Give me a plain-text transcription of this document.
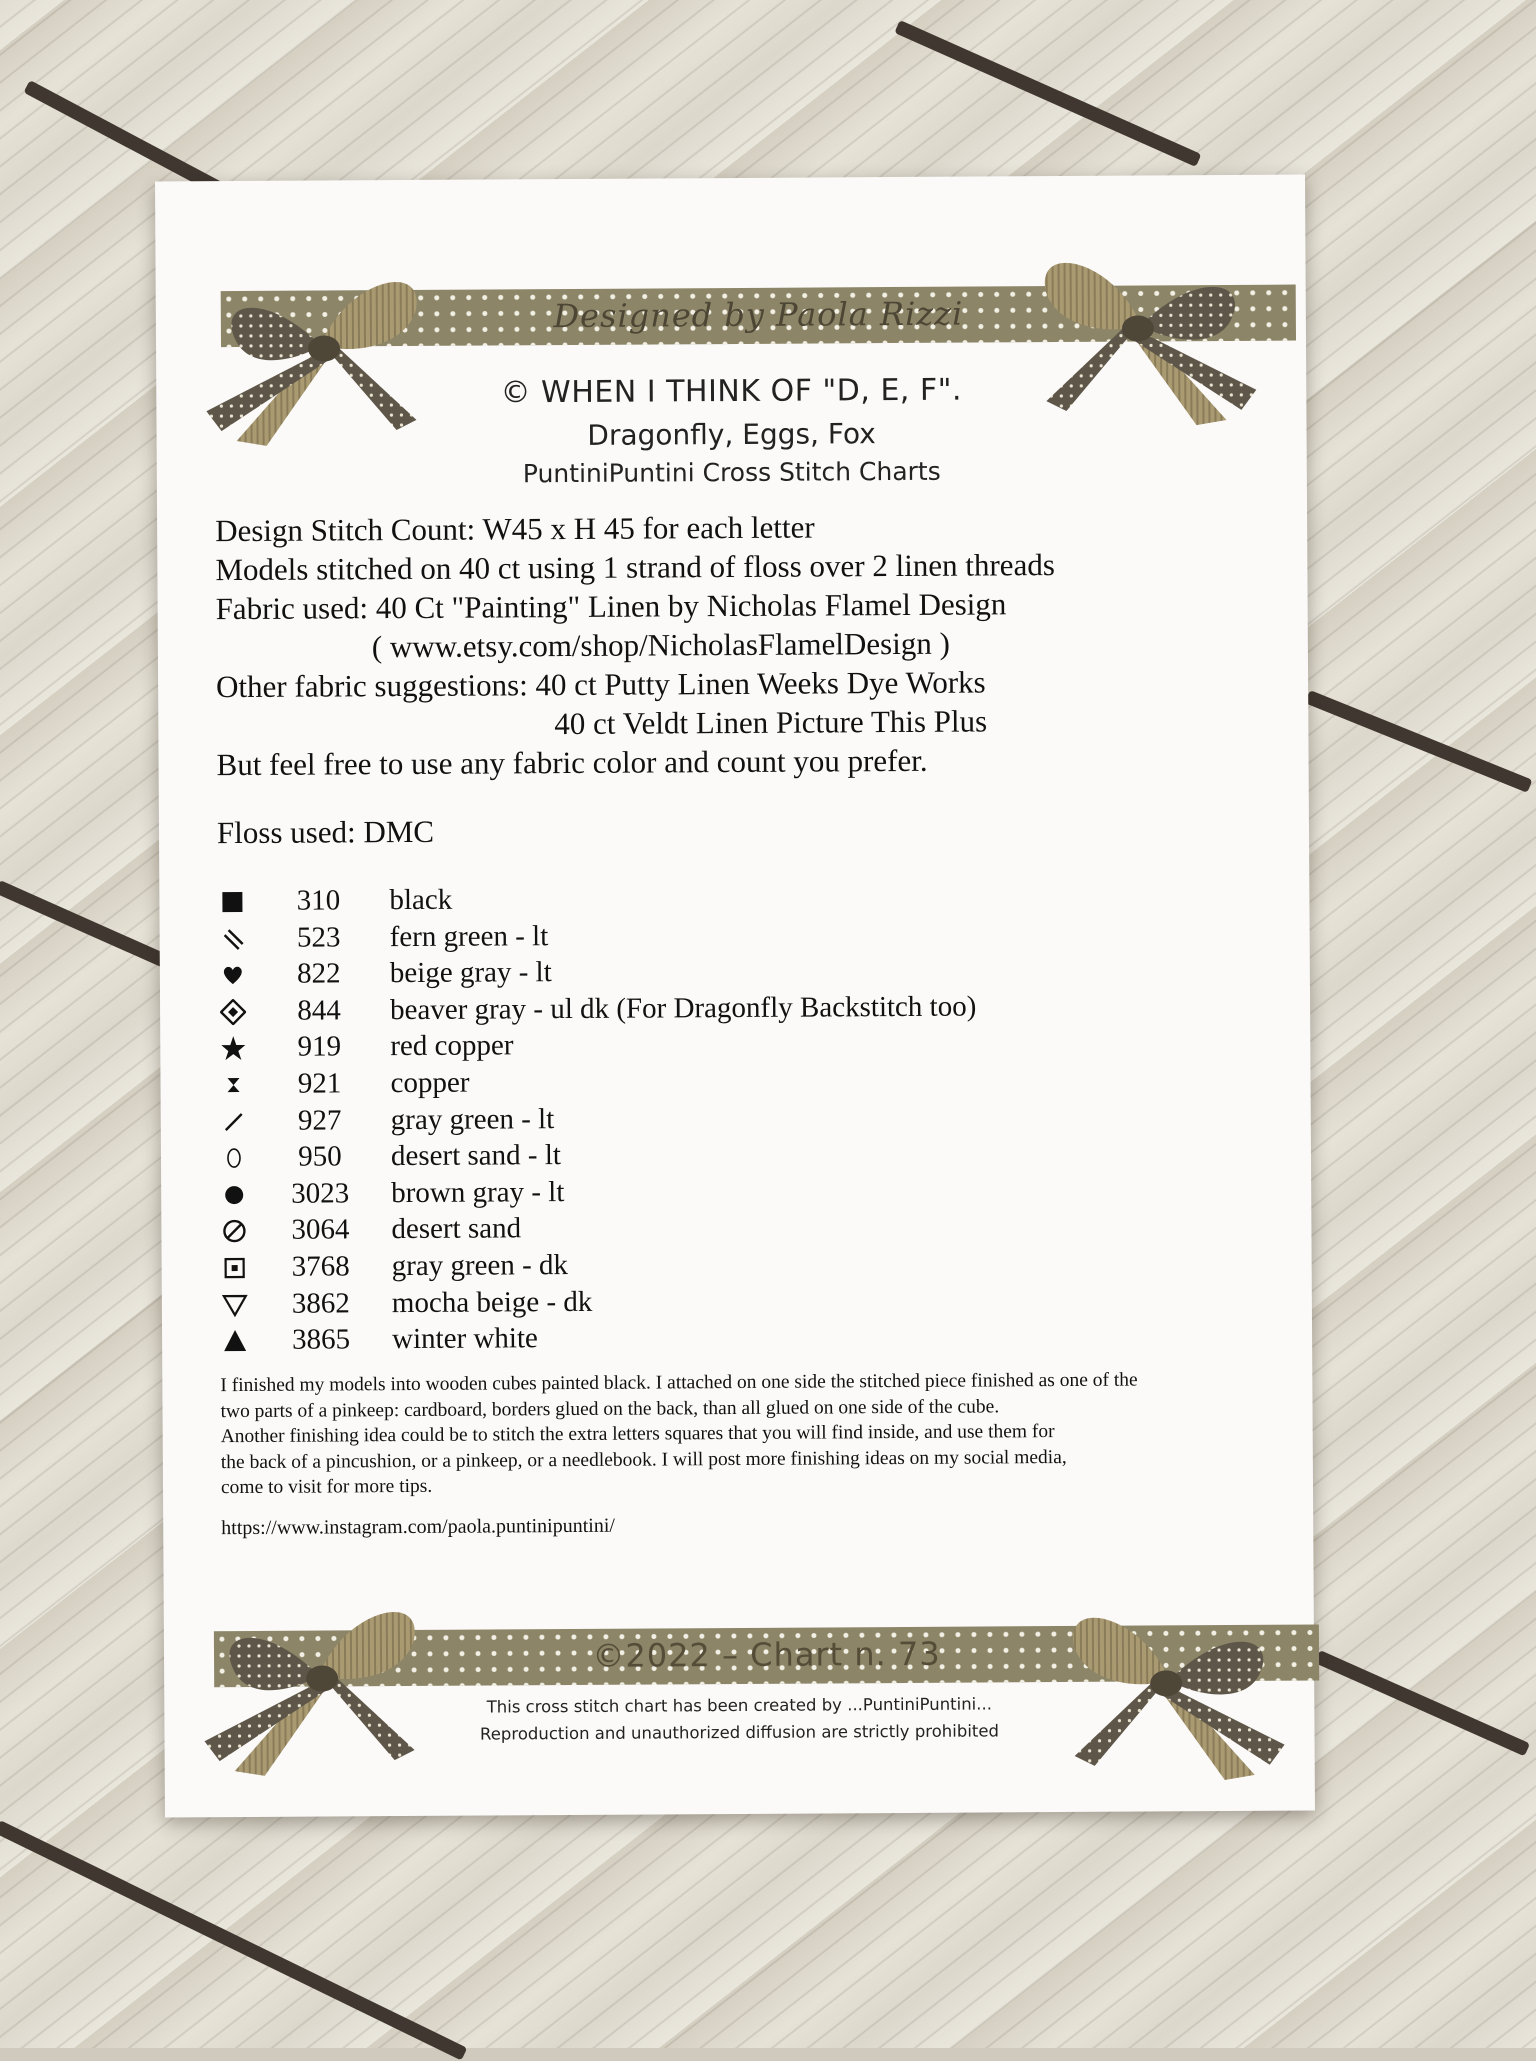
Designed by Paola Rizzi
© WHEN I THINK OF "D, E, F".
Dragonfly, Eggs, Fox
PuntiniPuntini Cross Stitch Charts
Design Stitch Count: W45 x H 45 for each letter
Models stitched on 40 ct using 1 strand of floss over 2 linen threads
Fabric used: 40 Ct "Painting" Linen by Nicholas Flamel Design
( www.etsy.com/shop/NicholasFlamelDesign )
Other fabric suggestions: 40 ct Putty Linen Weeks Dye Works
40 ct Veldt Linen Picture This Plus
But feel free to use any fabric color and count you prefer.
Floss used: DMC
310	black
523	fern green - lt
822	beige gray - lt
844	beaver gray - ul dk (For Dragonfly Backstitch too)
919	red copper
921	copper
927	gray green - lt
950	desert sand - lt
3023	brown gray - lt
3064	desert sand
3768	gray green - dk
3862	mocha beige - dk
3865	winter white
I finished my models into wooden cubes painted black. I attached on one side the stitched piece finished as one of the
two parts of a pinkeep: cardboard, borders glued on the back, than all glued on one side of the cube.
Another finishing idea could be to stitch the extra letters squares that you will find inside, and use them for
the back of a pincushion, or a pinkeep, or a needlebook. I will post more finishing ideas on my social media,
come to visit for more tips.
https://www.instagram.com/paola.puntinipuntini/
©2022 – Chart n. 73
This cross stitch chart has been created by ...PuntiniPuntini...
Reproduction and unauthorized diffusion are strictly prohibited
